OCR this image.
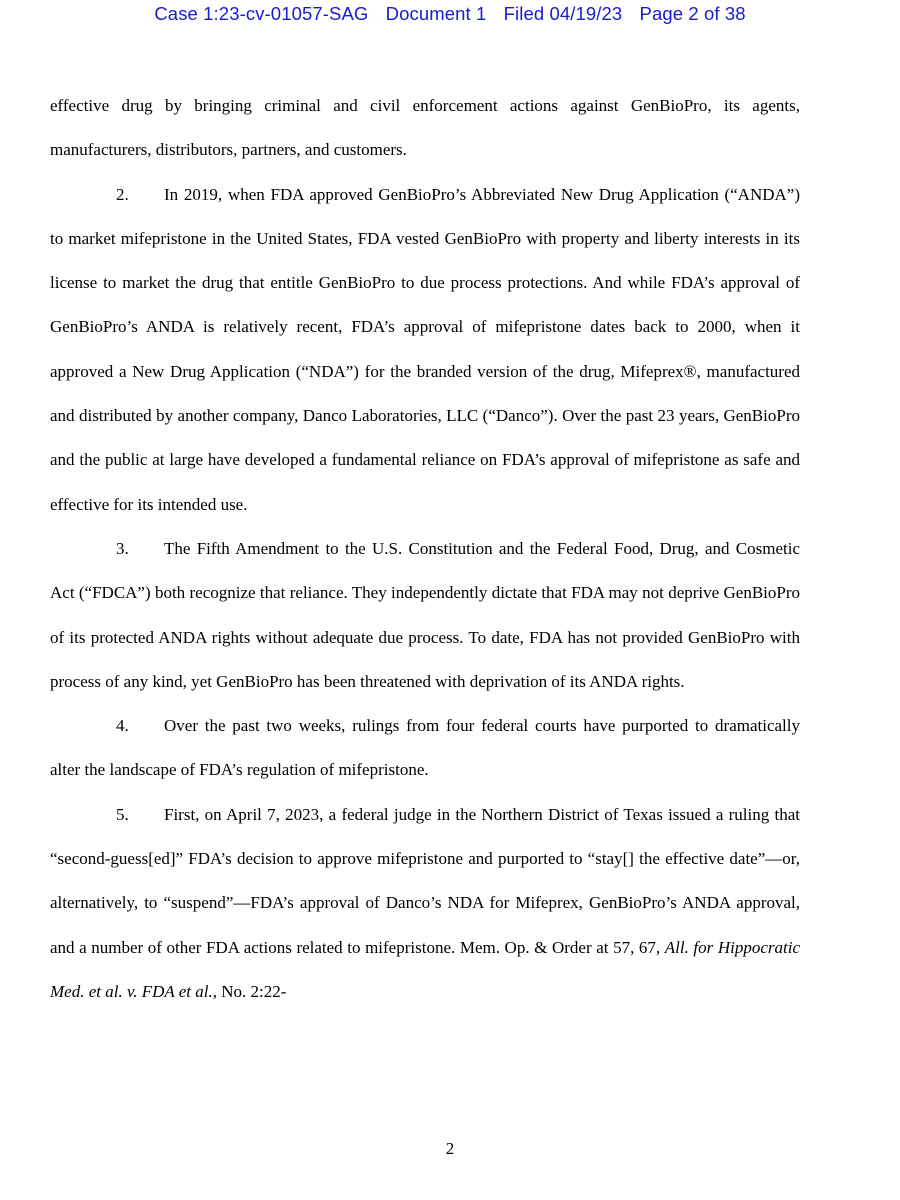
Case 1:23-cv-01057-SAG Document 1 Filed 04/19/23 Page 2 of 38

effective drug by bringing criminal and civil enforcement actions against GenBioPro, its agents, manufacturers, distributors, partners, and customers.

2. In 2019, when FDA approved GenBioPro’s Abbreviated New Drug Application (“ANDA”) to market mifepristone in the United States, FDA vested GenBioPro with property and liberty interests in its license to market the drug that entitle GenBioPro to due process protections. And while FDA’s approval of GenBioPro’s ANDA is relatively recent, FDA’s approval of mifepristone dates back to 2000, when it approved a New Drug Application (“NDA”) for the branded version of the drug, Mifeprex®, manufactured and distributed by another company, Danco Laboratories, LLC (“Danco”). Over the past 23 years, GenBioPro and the public at large have developed a fundamental reliance on FDA’s approval of mifepristone as safe and effective for its intended use.

3. The Fifth Amendment to the U.S. Constitution and the Federal Food, Drug, and Cosmetic Act (“FDCA”) both recognize that reliance. They independently dictate that FDA may not deprive GenBioPro of its protected ANDA rights without adequate due process. To date, FDA has not provided GenBioPro with process of any kind, yet GenBioPro has been threatened with deprivation of its ANDA rights.

4. Over the past two weeks, rulings from four federal courts have purported to dramatically alter the landscape of FDA’s regulation of mifepristone.

5. First, on April 7, 2023, a federal judge in the Northern District of Texas issued a ruling that “second-guess[ed]” FDA’s decision to approve mifepristone and purported to “stay[] the effective date”—or, alternatively, to “suspend”—FDA’s approval of Danco’s NDA for Mifeprex, GenBioPro’s ANDA approval, and a number of other FDA actions related to mifepristone. Mem. Op. & Order at 57, 67, All. for Hippocratic Med. et al. v. FDA et al., No. 2:22-

2
